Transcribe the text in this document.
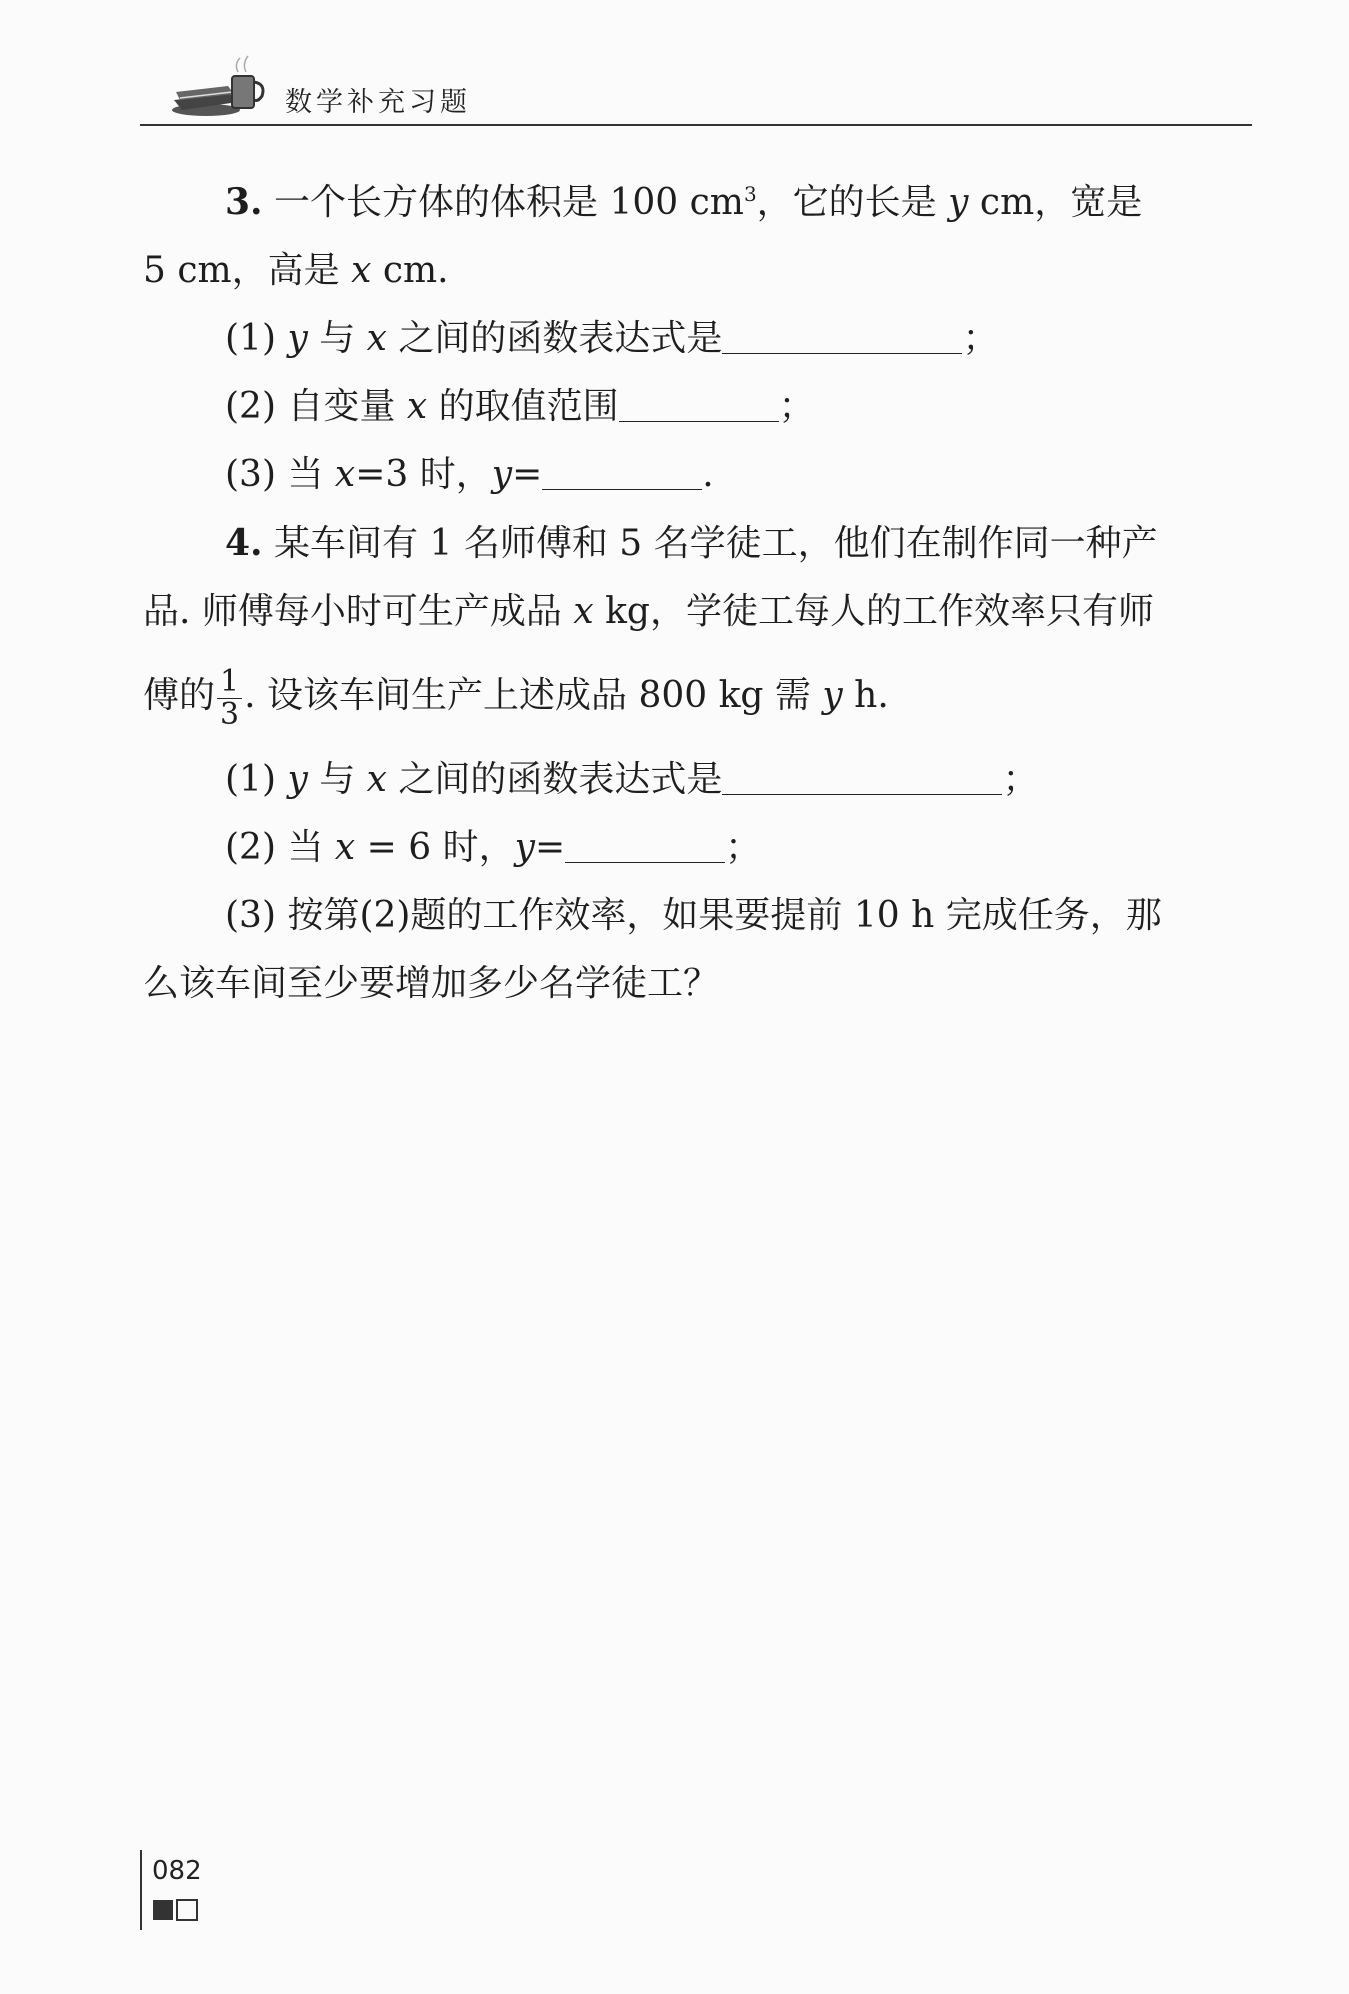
数学补充习题
3. 一个长方体的体积是 100 $cm^3$，它的长是 y cm，宽是
5 cm，高是 x cm.
(1) y 与 x 之间的函数表达式是	；
(2) 自变量 x 的取值范围	；
(3) 当 x=3 时，y=	.
4. 某车间有 1 名师傅和 5 名学徒工，他们在制作同一种产
品. 师傅每小时可生产成品 x kg，学徒工每人的工作效率只有师
傅的 $\frac{1}{3}$ . 设该车间生产上述成品 800 kg 需 y h.
(1) y 与 x 之间的函数表达式是	；
(2) 当 x = 6 时，y=	；
(3) 按第(2)题的工作效率，如果要提前 10 h 完成任务，那
么该车间至少要增加多少名学徒工？
082
